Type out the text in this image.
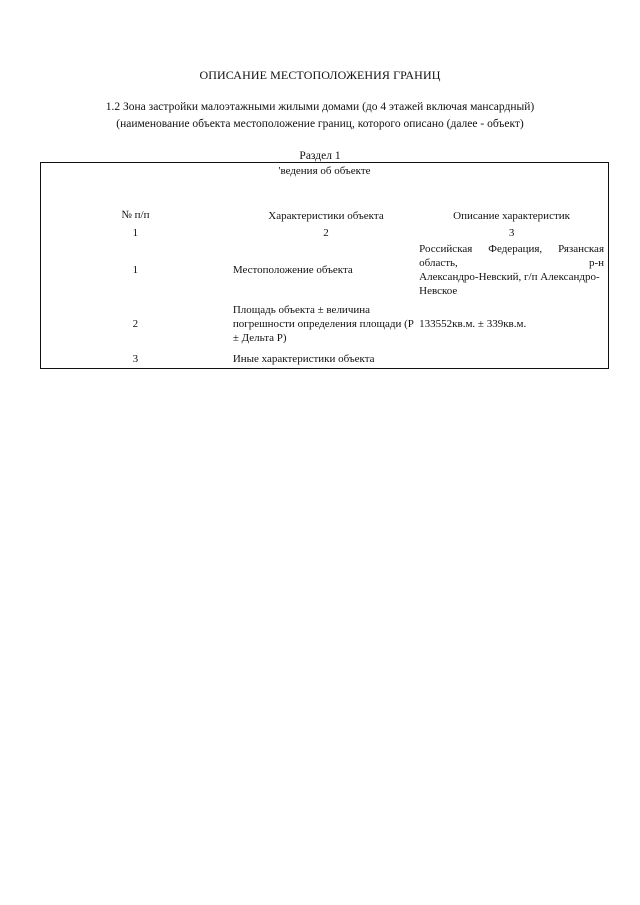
ОПИСАНИЕ МЕСТОПОЛОЖЕНИЯ ГРАНИЦ
1.2 Зона застройки малоэтажными жилыми домами (до 4 этажей включая мансардный)
(наименование объекта местоположение границ, которого описано (далее - объект)
Раздел 1
'ведения об объекте		
№ п/п	Характеристики объекта	Описание характеристик
1	2	3
1	Местоположение объекта	Российская Федерация, Рязанская область, р-н
Александро-Невский, г/п Александро-Невское

2	Площадь объекта ± величина погрешности определения площади (Р ± Дельта Р)	133552кв.м. ± 339кв.м.
3	Иные характеристики объекта	
